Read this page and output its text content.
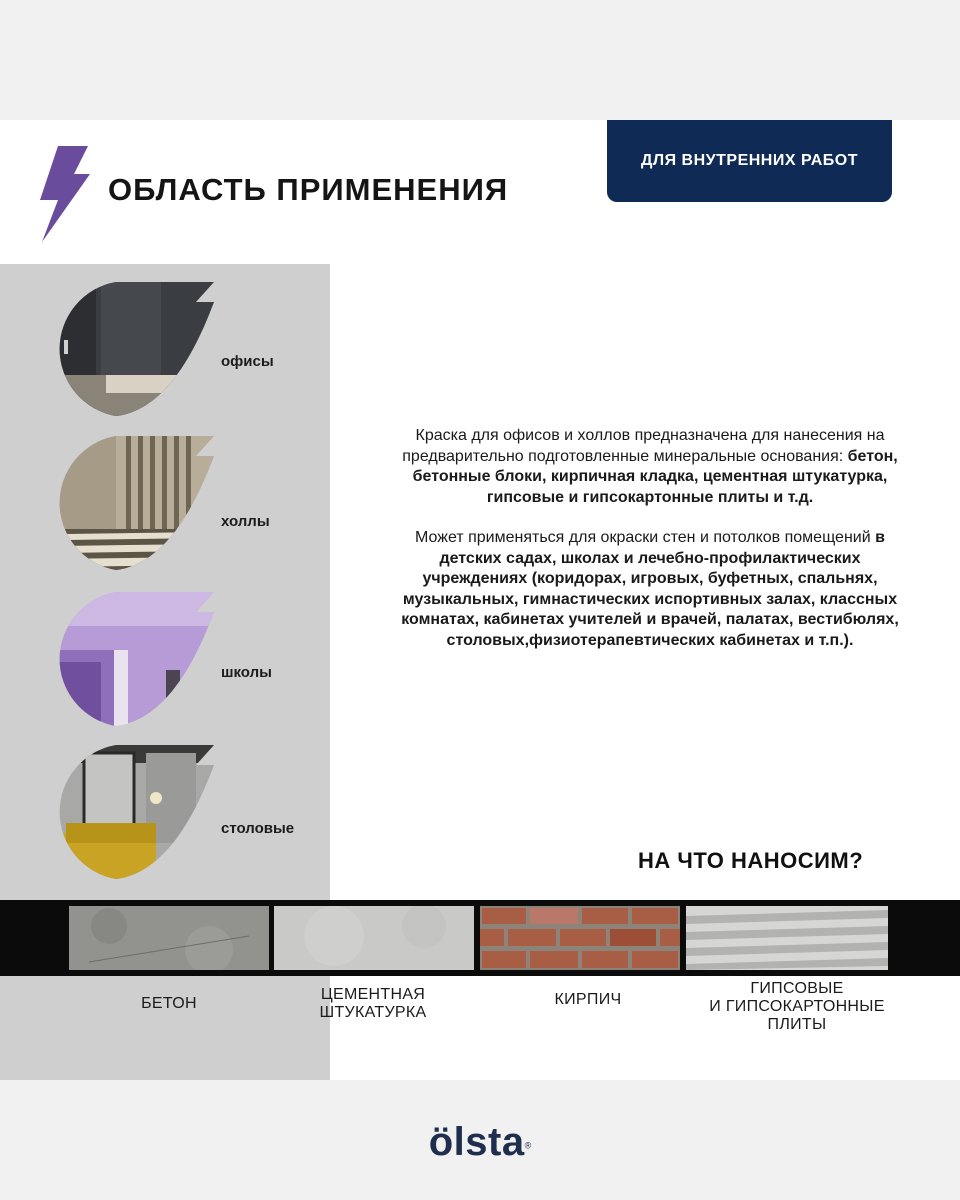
ОБЛАСТЬ ПРИМЕНЕНИЯ
ДЛЯ ВНУТРЕННИХ РАБОТ
офисы
холлы
школы
столовые

Краска для офисов и холлов предназначена для нанесения на предварительно подготовленные минеральные основания: бетон, бетонные блоки, кирпичная кладка, цементная штукатурка, гипсовые и гипсокартонные плиты и т.д.

Может применяться для окраски стен и потолков помещений в детских садах, школах и лечебно-профилактических учреждениях (коридорах, игровых, буфетных, спальнях, музыкальных, гимнастических испортивных залах, классных комнатах, кабинетах учителей и врачей, палатах, вестибюлях, столовых,физиотерапевтических кабинетах и т.п.).

НА ЧТО НАНОСИМ?
БЕТОН
ЦЕМЕНТНАЯ
ШТУКАТУРКА
КИРПИЧ
ГИПСОВЫЕ
И ГИПСОКАРТОННЫЕ
ПЛИТЫ
ölsta®
